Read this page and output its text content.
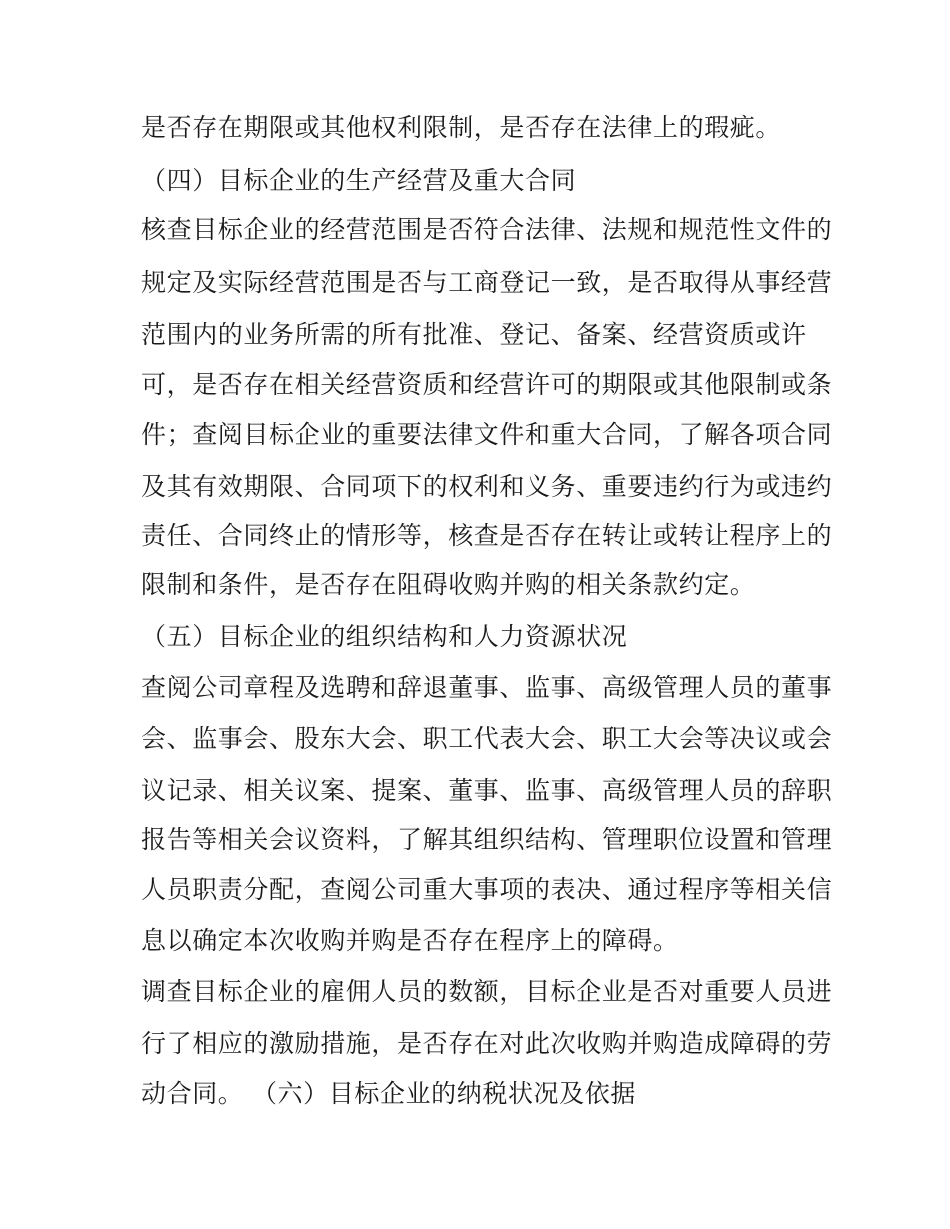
是否存在期限或其他权利限制，是否存在法律上的瑕疵。
（四）目标企业的生产经营及重大合同
核查目标企业的经营范围是否符合法律、法规和规范性文件的
规定及实际经营范围是否与工商登记一致，是否取得从事经营
范围内的业务所需的所有批准、登记、备案、经营资质或许
可，是否存在相关经营资质和经营许可的期限或其他限制或条
件；查阅目标企业的重要法律文件和重大合同，了解各项合同
及其有效期限、合同项下的权利和义务、重要违约行为或违约
责任、合同终止的情形等，核查是否存在转让或转让程序上的
限制和条件，是否存在阻碍收购并购的相关条款约定。
（五）目标企业的组织结构和人力资源状况
查阅公司章程及选聘和辞退董事、监事、高级管理人员的董事
会、监事会、股东大会、职工代表大会、职工大会等决议或会
议记录、相关议案、提案、董事、监事、高级管理人员的辞职
报告等相关会议资料，了解其组织结构、管理职位设置和管理
人员职责分配，查阅公司重大事项的表决、通过程序等相关信
息以确定本次收购并购是否存在程序上的障碍。
调查目标企业的雇佣人员的数额，目标企业是否对重要人员进
行了相应的激励措施，是否存在对此次收购并购造成障碍的劳
动合同。 （六）目标企业的纳税状况及依据
